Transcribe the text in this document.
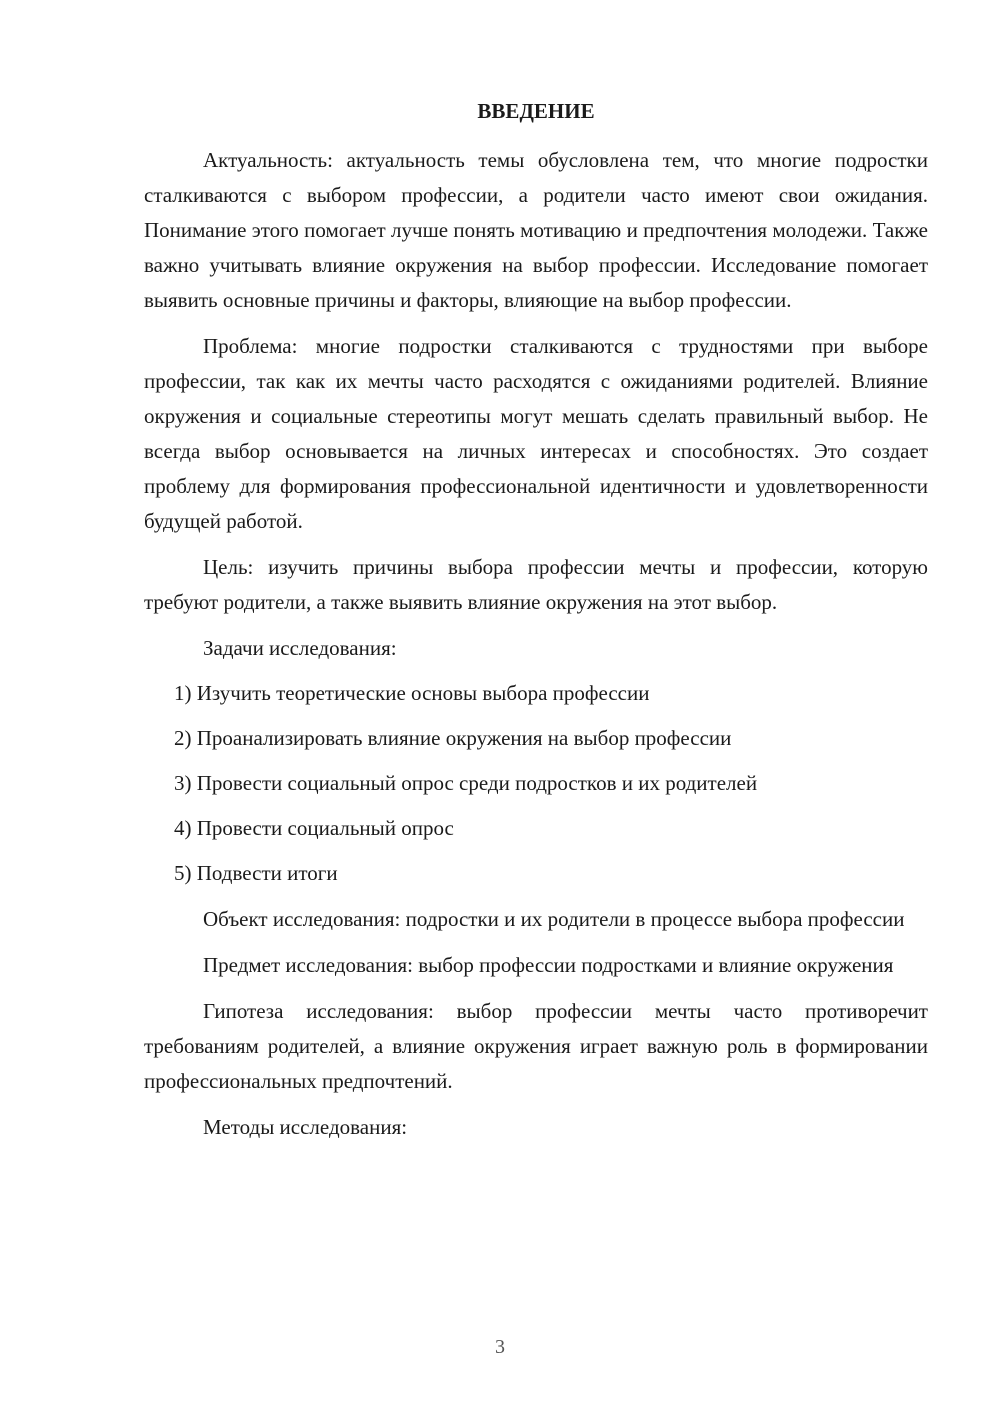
ВВЕДЕНИЕ

Актуальность: актуальность темы обусловлена тем, что многие подростки сталкиваются с выбором профессии, а родители часто имеют свои ожидания. Понимание этого помогает лучше понять мотивацию и предпочтения молодежи. Также важно учитывать влияние окружения на выбор профессии. Исследование помогает выявить основные причины и факторы, влияющие на выбор профессии.

Проблема: многие подростки сталкиваются с трудностями при выборе профессии, так как их мечты часто расходятся с ожиданиями родителей. Влияние окружения и социальные стереотипы могут мешать сделать правильный выбор. Не всегда выбор основывается на личных интересах и способностях. Это создает проблему для формирования профессиональной идентичности и удовлетворенности будущей работой.

Цель: изучить причины выбора профессии мечты и профессии, которую требуют родители, а также выявить влияние окружения на этот выбор.

Задачи исследования:

1) Изучить теоретические основы выбора профессии

2) Проанализировать влияние окружения на выбор профессии

3) Провести социальный опрос среди подростков и их родителей

4) Провести социальный опрос

5) Подвести итоги

Объект исследования: подростки и их родители в процессе выбора профессии

Предмет исследования: выбор профессии подростками и влияние окружения

Гипотеза исследования: выбор профессии мечты часто противоречит требованиям родителей, а влияние окружения играет важную роль в формировании профессиональных предпочтений.

Методы исследования:

3
